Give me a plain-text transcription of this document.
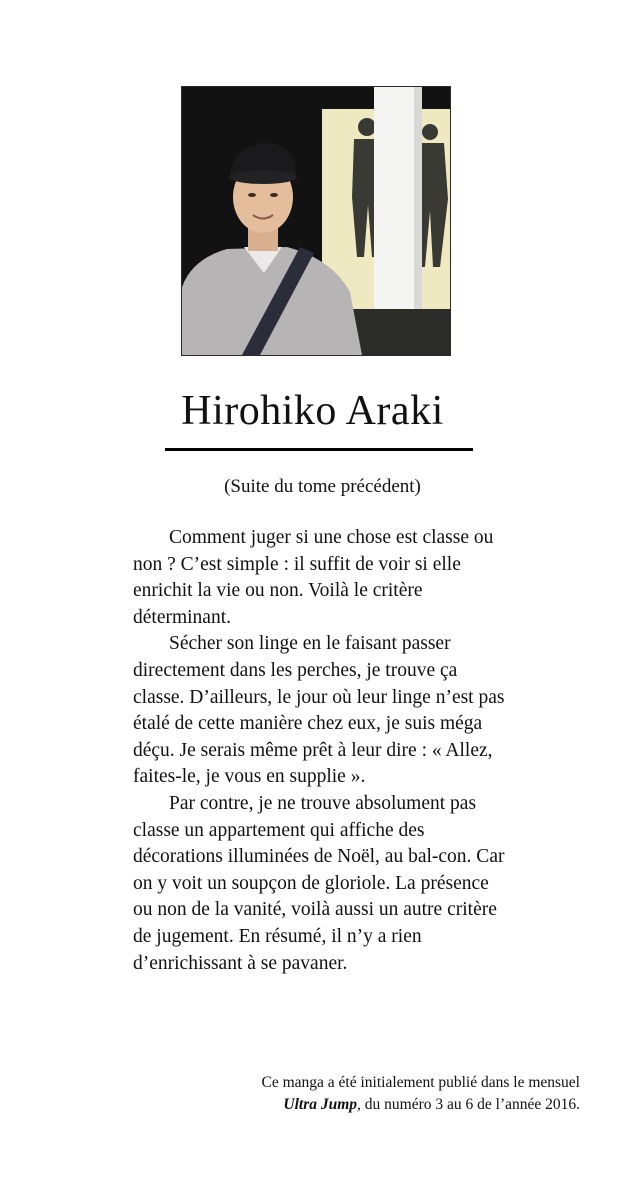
Hirohiko Araki
(Suite du tome précédent)

Comment juger si une chose est classe ou non ? C’est simple : il suffit de voir si elle enrichit la vie ou non. Voilà le critère déterminant.

Sécher son linge en le faisant passer directement dans les perches, je trouve ça classe. D’ailleurs, le jour où leur linge n’est pas étalé de cette manière chez eux, je suis méga déçu. Je serais même prêt à leur dire : « Allez, faites-le, je vous en supplie ».

Par contre, je ne trouve absolument pas classe un appartement qui affiche des décorations illuminées de Noël, au bal-con. Car on y voit un soupçon de gloriole. La présence ou non de la vanité, voilà aussi un autre critère de jugement. En résumé, il n’y a rien d’enrichissant à se pavaner.

Ce manga a été initialement publié dans le mensuel Ultra Jump, du numéro 3 au 6 de l’année 2016.
